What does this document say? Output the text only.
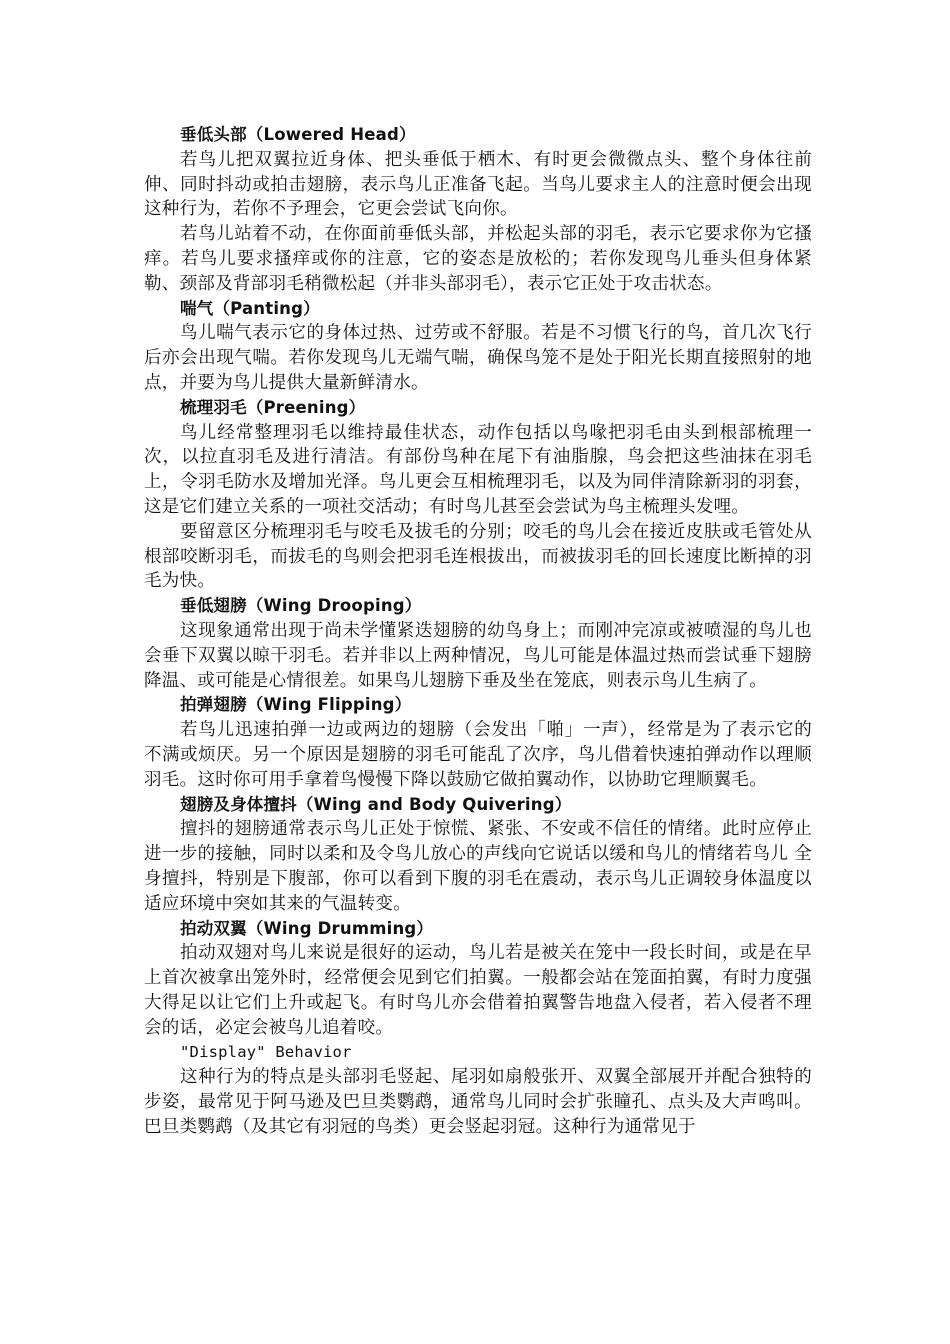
垂低头部（Lowered Head）

若鸟儿把双翼拉近身体、把头垂低于栖木、有时更会微微点头、整个身体往前伸、同时抖动或拍击翅膀，表示鸟儿正准备飞起。当鸟儿要求主人的注意时便会出现这种行为，若你不予理会，它更会尝试飞向你。

若鸟儿站着不动，在你面前垂低头部，并松起头部的羽毛，表示它要求你为它搔痒。若鸟儿要求搔痒或你的注意，它的姿态是放松的；若你发现鸟儿垂头但身体紧勒、颈部及背部羽毛稍微松起（并非头部羽毛），表示它正处于攻击状态。

喘气（Panting）

鸟儿喘气表示它的身体过热、过劳或不舒服。若是不习惯飞行的鸟，首几次飞行后亦会出现气喘。若你发现鸟儿无端气喘，确保鸟笼不是处于阳光长期直接照射的地点，并要为鸟儿提供大量新鲜清水。

梳理羽毛（Preening）

鸟儿经常整理羽毛以维持最佳状态，动作包括以鸟喙把羽毛由头到根部梳理一次，以拉直羽毛及进行清洁。有部份鸟种在尾下有油脂腺，鸟会把这些油抹在羽毛上，令羽毛防水及增加光泽。鸟儿更会互相梳理羽毛，以及为同伴清除新羽的羽套，这是它们建立关系的一项社交活动；有时鸟儿甚至会尝试为鸟主梳理头发哩。

要留意区分梳理羽毛与咬毛及拔毛的分别；咬毛的鸟儿会在接近皮肤或毛管处从根部咬断羽毛，而拔毛的鸟则会把羽毛连根拔出，而被拔羽毛的回长速度比断掉的羽毛为快。

垂低翅膀（Wing Drooping）

这现象通常出现于尚未学懂紧迭翅膀的幼鸟身上；而刚冲完凉或被喷湿的鸟儿也会垂下双翼以晾干羽毛。若并非以上两种情况，鸟儿可能是体温过热而尝试垂下翅膀降温、或可能是心情很差。如果鸟儿翅膀下垂及坐在笼底，则表示鸟儿生病了。

拍弹翅膀（Wing Flipping）

若鸟儿迅速拍弹一边或两边的翅膀（会发出「啪」一声），经常是为了表示它的不满或烦厌。另一个原因是翅膀的羽毛可能乱了次序，鸟儿借着快速拍弹动作以理顺羽毛。这时你可用手拿着鸟慢慢下降以鼓励它做拍翼动作，以协助它理顺翼毛。

翅膀及身体擅抖（Wing and Body Quivering）

擅抖的翅膀通常表示鸟儿正处于惊慌、紧张、不安或不信任的情绪。此时应停止进一步的接触，同时以柔和及令鸟儿放心的声线向它说话以缓和鸟儿的情绪若鸟儿 全身擅抖，特别是下腹部，你可以看到下腹的羽毛在震动，表示鸟儿正调较身体温度以适应环境中突如其来的气温转变。

拍动双翼（Wing Drumming）

拍动双翅对鸟儿来说是很好的运动，鸟儿若是被关在笼中一段长时间，或是在早上首次被拿出笼外时，经常便会见到它们拍翼。一般都会站在笼面拍翼，有时力度强大得足以让它们上升或起飞。有时鸟儿亦会借着拍翼警告地盘入侵者，若入侵者不理会的话，必定会被鸟儿追着咬。

"Display" Behavior

这种行为的特点是头部羽毛竖起、尾羽如扇般张开、双翼全部展开并配合独特的步姿，最常见于阿马逊及巴旦类鹦鹉，通常鸟儿同时会扩张瞳孔、点头及大声鸣叫。 巴旦类鹦鹉（及其它有羽冠的鸟类）更会竖起羽冠。这种行为通常见于
